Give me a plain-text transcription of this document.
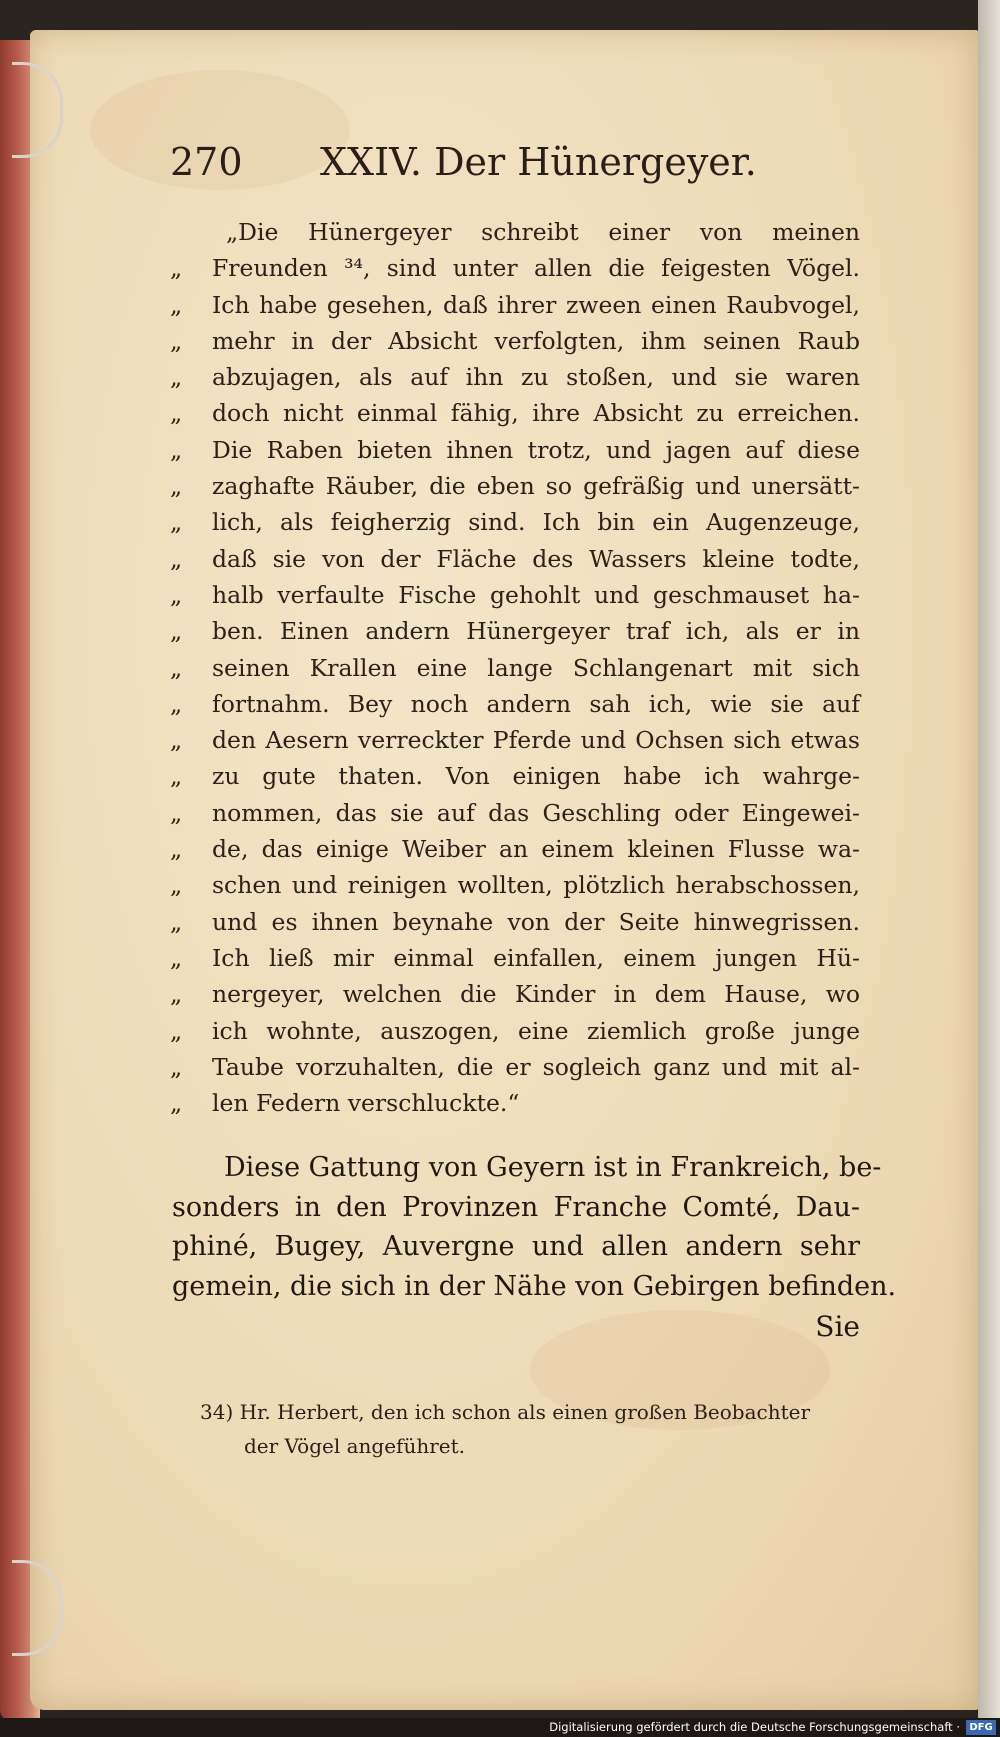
270 XXIV. Der Hünergeyer.
„Die Hünergeyer schreibt einer von meinen
„	Freunden ³⁴, sind unter allen die feigesten Vögel.
„	Ich habe gesehen, daß ihrer zween einen Raubvogel,
„	mehr in der Absicht verfolgten, ihm seinen Raub
„	abzujagen, als auf ihn zu stoßen, und sie waren
„	doch nicht einmal fähig, ihre Absicht zu erreichen.
„	Die Raben bieten ihnen trotz, und jagen auf diese
„	zaghafte Räuber, die eben so gefräßig und unersätt-
„	lich, als feigherzig sind. Ich bin ein Augenzeuge,
„	daß sie von der Fläche des Wassers kleine todte,
„	halb verfaulte Fische gehohlt und geschmauset ha-
„	ben. Einen andern Hünergeyer traf ich, als er in
„	seinen Krallen eine lange Schlangenart mit sich
„	fortnahm. Bey noch andern sah ich, wie sie auf
„	den Aesern verreckter Pferde und Ochsen sich etwas
„	zu gute thaten. Von einigen habe ich wahrge-
„	nommen, das sie auf das Geschling oder Eingewei-
„	de, das einige Weiber an einem kleinen Flusse wa-
„	schen und reinigen wollten, plötzlich herabschossen,
„	und es ihnen beynahe von der Seite hinwegrissen.
„	Ich ließ mir einmal einfallen, einem jungen Hü-
„	nergeyer, welchen die Kinder in dem Hause, wo
„	ich wohnte, auszogen, eine ziemlich große junge
„	Taube vorzuhalten, die er sogleich ganz und mit al-
„	len Federn verschluckte.“
Diese Gattung von Geyern ist in Frankreich, be-
sonders in den Provinzen Franche Comté, Dau-
phiné, Bugey, Auvergne und allen andern sehr
gemein, die sich in der Nähe von Gebirgen befinden.
Sie
34) Hr. Herbert, den ich schon als einen großen Beobachter
der Vögel angeführet.
Digitalisierung gefördert durch die Deutsche Forschungsgemeinschaft · DFG
